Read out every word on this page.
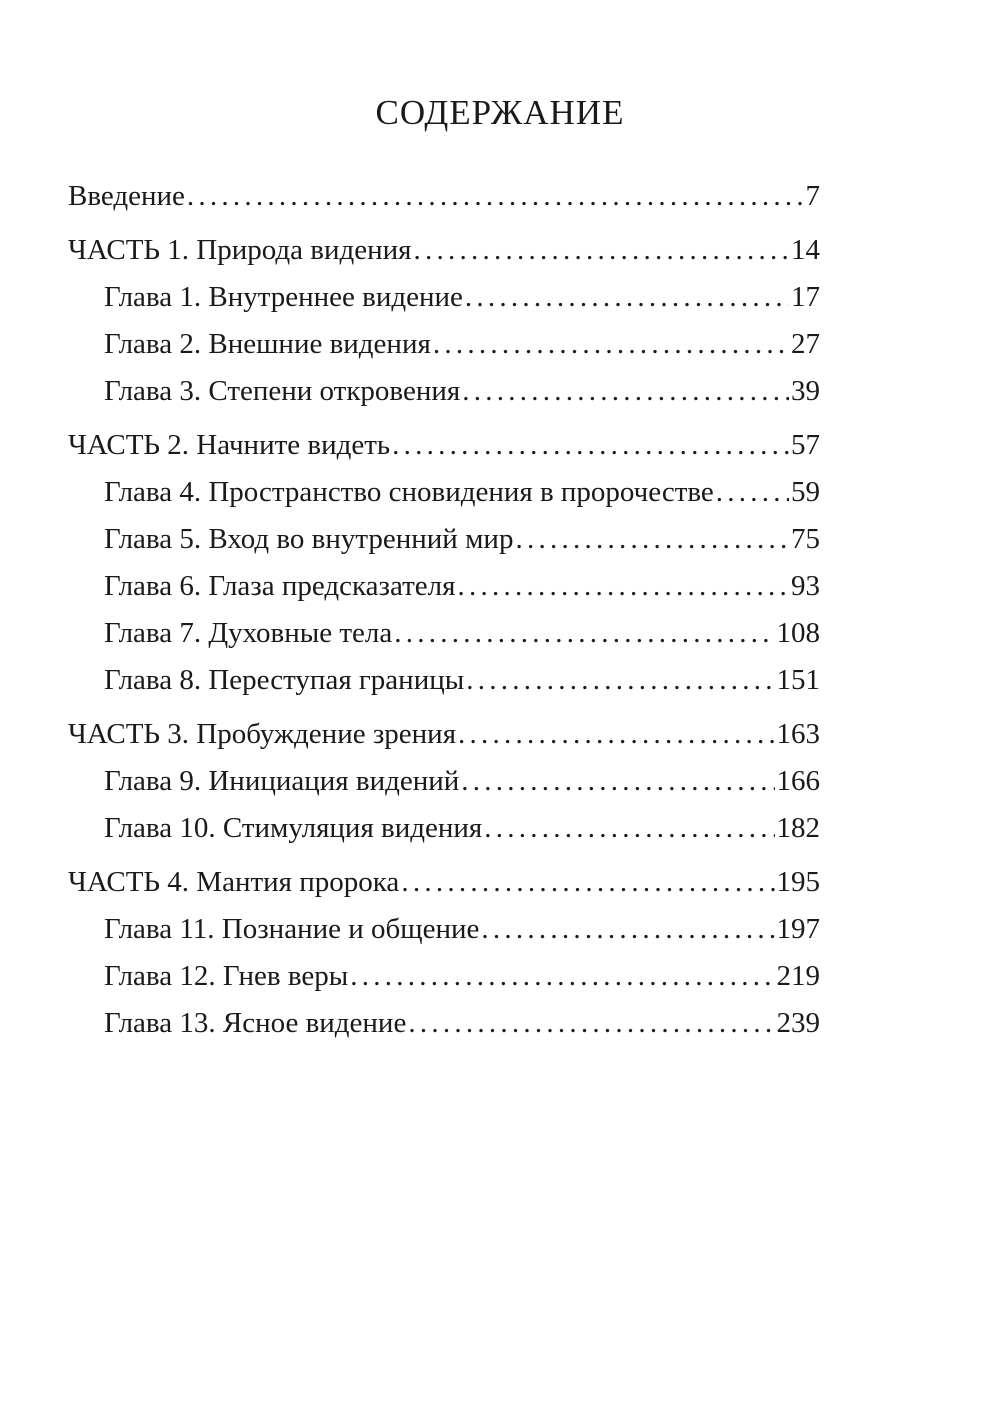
СОДЕРЖАНИЕ
Введение . . .	7
ЧАСТЬ 1. Природа видения . . .	14
Глава 1. Внутреннее видение . . .	17
Глава 2. Внешние видения . . .	27
Глава 3. Степени откровения . . .	39
ЧАСТЬ 2. Начните видеть . . .	57
Глава 4. Пространство сновидения в пророчестве . . .	59
Глава 5. Вход во внутренний мир . . .	75
Глава 6. Глаза предсказателя . . .	93
Глава 7. Духовные тела . . .	108
Глава 8. Переступая границы . . .	151
ЧАСТЬ 3. Пробуждение зрения . . .	163
Глава 9. Инициация видений . . .	166
Глава 10. Стимуляция видения . . .	182
ЧАСТЬ 4. Мантия пророка . . .	195
Глава 11. Познание и общение . . .	197
Глава 12. Гнев веры . . .	219
Глава 13. Ясное видение . . .	239
